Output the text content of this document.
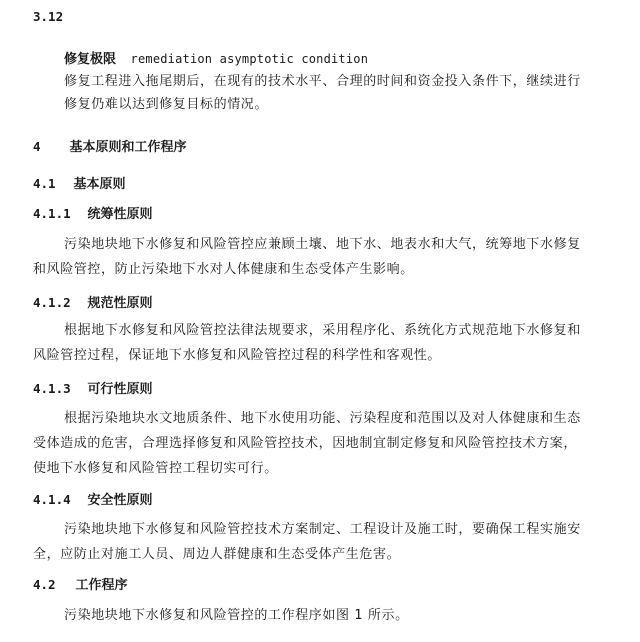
3.12
修复极限 remediation asymptotic condition
修复工程进入拖尾期后，在现有的技术水平、合理的时间和资金投入条件下，继续进行
修复仍难以达到修复目标的情况。
4 基本原则和工作程序
4.1 基本原则
4.1.1 统筹性原则
污染地块地下水修复和风险管控应兼顾土壤、地下水、地表水和大气，统筹地下水修复
和风险管控，防止污染地下水对人体健康和生态受体产生影响。
4.1.2 规范性原则
根据地下水修复和风险管控法律法规要求，采用程序化、系统化方式规范地下水修复和
风险管控过程，保证地下水修复和风险管控过程的科学性和客观性。
4.1.3 可行性原则
根据污染地块水文地质条件、地下水使用功能、污染程度和范围以及对人体健康和生态
受体造成的危害，合理选择修复和风险管控技术，因地制宜制定修复和风险管控技术方案，
使地下水修复和风险管控工程切实可行。
4.1.4 安全性原则
污染地块地下水修复和风险管控技术方案制定、工程设计及施工时，要确保工程实施安
全，应防止对施工人员、周边人群健康和生态受体产生危害。
4.2 工作程序
污染地块地下水修复和风险管控的工作程序如图 1 所示。
